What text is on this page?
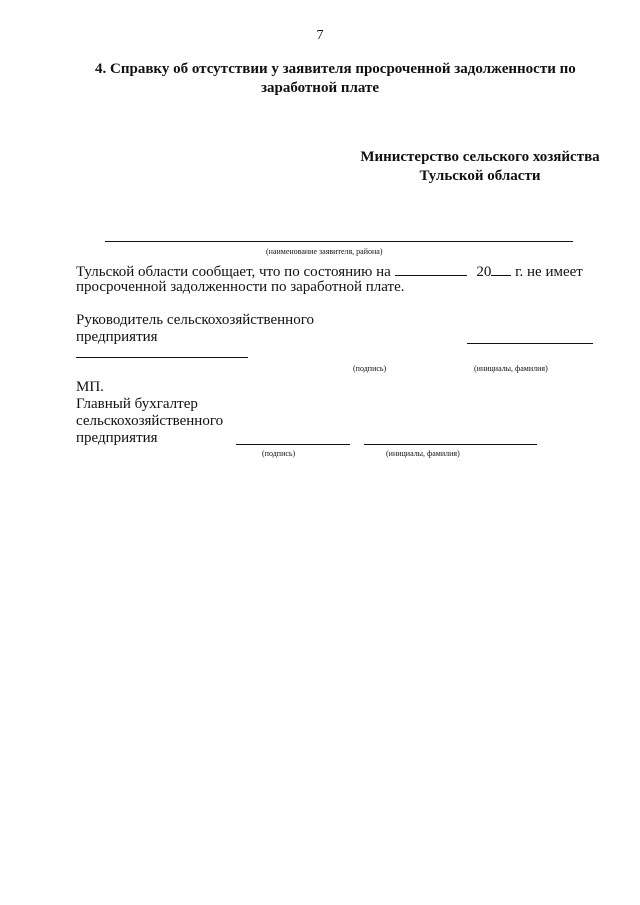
7
4. Справку об отсутствии у заявителя просроченной задолженности по
заработной плате
Министерство сельского хозяйства
Тульской области
(наименование заявителя, района)
Тульской области сообщает, что по состоянию на	20 г. не имеет
просроченной задолженности по заработной плате.
Руководитель сельскохозяйственного
предприятия
(подпись)	(инициалы, фамилия)
МП.
Главный бухгалтер
сельскохозяйственного
предприятия
(подпись)	(инициалы, фамилия)
